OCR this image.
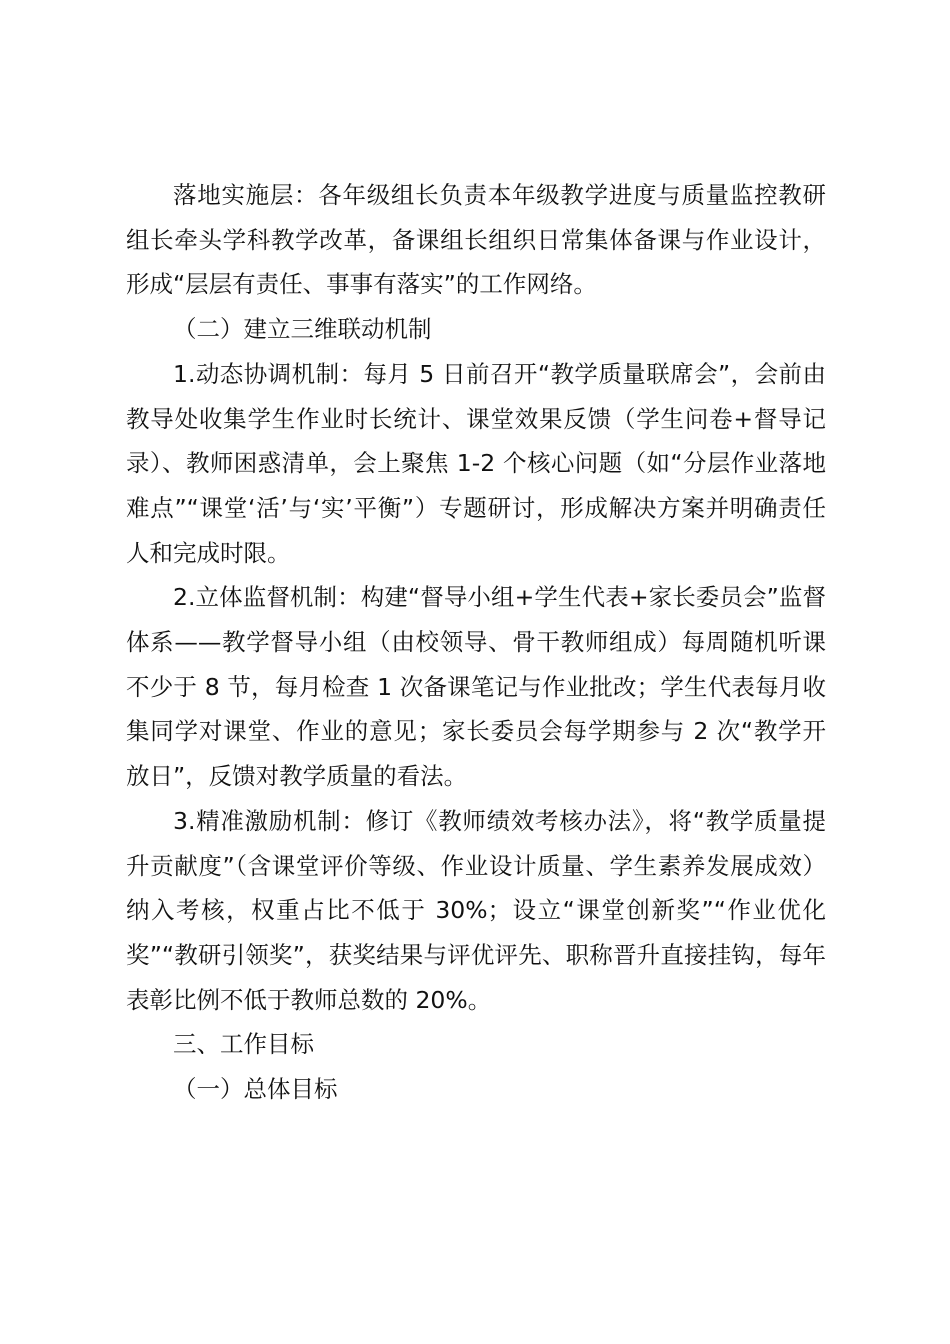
落地实施层：各年级组长负责本年级教学进度与质量监控教研组长牵头学科教学改革，备课组长组织日常集体备课与作业设计，形成“层层有责任、事事有落实”的工作网络。

（二）建立三维联动机制

1.动态协调机制：每月 5 日前召开“教学质量联席会”，会前由教导处收集学生作业时长统计、课堂效果反馈（学生问卷+督导记录）、教师困惑清单，会上聚焦 1-2 个核心问题（如“分层作业落地难点”“课堂‘活’与‘实’平衡”）专题研讨，形成解决方案并明确责任人和完成时限。

2.立体监督机制：构建“督导小组+学生代表+家长委员会”监督体系——教学督导小组（由校领导、骨干教师组成）每周随机听课不少于 8 节，每月检查 1 次备课笔记与作业批改；学生代表每月收集同学对课堂、作业的意见；家长委员会每学期参与 2 次“教学开放日”，反馈对教学质量的看法。

3.精准激励机制：修订《教师绩效考核办法》，将“教学质量提升贡献度”（含课堂评价等级、作业设计质量、学生素养发展成效）纳入考核，权重占比不低于 30%；设立“课堂创新奖”“作业优化奖”“教研引领奖”，获奖结果与评优评先、职称晋升直接挂钩，每年表彰比例不低于教师总数的 20%。

三、工作目标

（一）总体目标
